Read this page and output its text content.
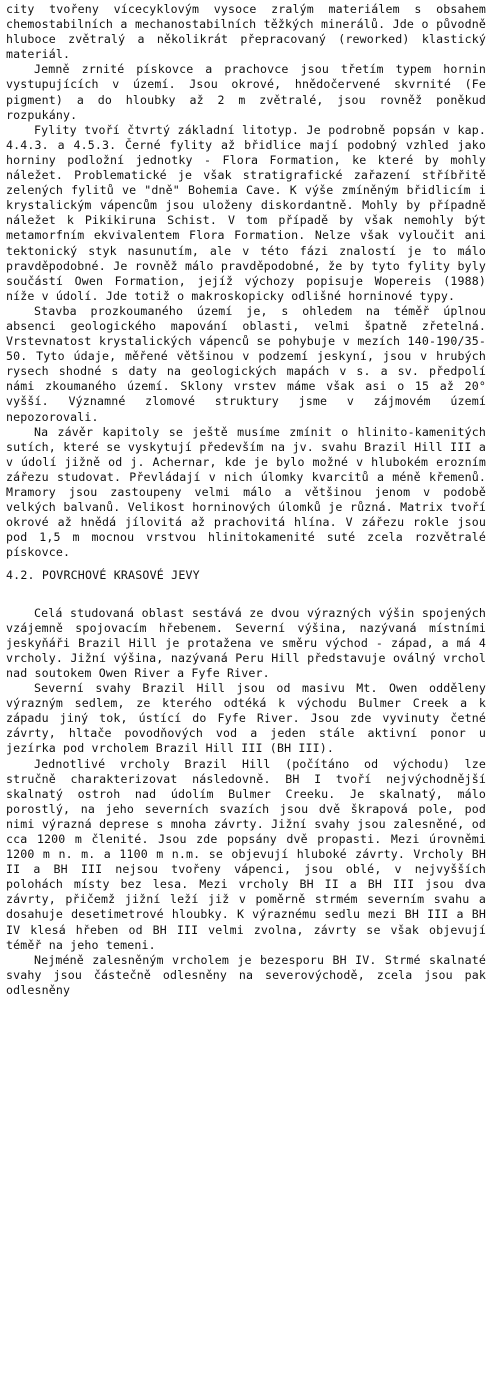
city tvořeny vícecyklovým vysoce zralým materiálem s obsahem chemostabilních a mechanostabilních těžkých minerálů. Jde o původně hluboce zvětralý a několikrát přepracovaný (reworked) klastický materiál.

Jemně zrnité pískovce a prachovce jsou třetím typem hornin vystupujících v území. Jsou okrové, hnědočervené skvrnité (Fe pigment) a do hloubky až 2 m zvětralé, jsou rovněž poněkud rozpukány.

Fylity tvoří čtvrtý základní litotyp. Je podrobně popsán v kap. 4.4.3. a 4.5.3. Černé fylity až břidlice mají podobný vzhled jako horniny podložní jednotky - Flora Formation, ke které by mohly náležet. Problematické je však stratigrafické zařazení stříbřitě zelených fylitů ve "dně" Bohemia Cave. K výše zmíněným břidlicím i krystalickým vápencům jsou uloženy diskordantně. Mohly by případně náležet k Pikikiruna Schist. V tom případě by však nemohly být metamorfním ekvivalentem Flora Formation. Nelze však vyloučit ani tektonický styk nasunutím, ale v této fázi znalostí je to málo pravděpodobné. Je rovněž málo pravděpodobné, že by tyto fylity byly součástí Owen Formation, jejíž výchozy popisuje Wopereis (1988) níže v údolí. Jde totiž o makroskopicky odlišné horninové typy.

Stavba prozkoumaného území je, s ohledem na téměř úplnou absenci geologického mapování oblasti, velmi špatně zřetelná. Vrstevnatost krystalických vápenců se pohybuje v mezích 140-190/35-50. Tyto údaje, měřené většinou v podzemí jeskyní, jsou v hrubých rysech shodné s daty na geologických mapách v s. a sv. předpolí námi zkoumaného území. Sklony vrstev máme však asi o 15 až 20° vyšší. Významné zlomové struktury jsme v zájmovém území nepozorovali.

Na závěr kapitoly se ještě musíme zmínit o hlinito-kamenitých sutích, které se vyskytují především na jv. svahu Brazil Hill III a v údolí jižně od j. Achernar, kde je bylo možné v hlubokém erozním zářezu studovat. Převládají v nich úlomky kvarcitů a méně křemenů. Mramory jsou zastoupeny velmi málo a většinou jenom v podobě velkých balvanů. Velikost horninových úlomků je různá. Matrix tvoří okrové až hnědá jílovitá až prachovitá hlína. V zářezu rokle jsou pod 1,5 m mocnou vrstvou hlinitokamenité suté zcela rozvětralé pískovce.

4.2. POVRCHOVÉ KRASOVÉ JEVY

Celá studovaná oblast sestává ze dvou výrazných výšin spojených vzájemně spojovacím hřebenem. Severní výšina, nazývaná místními jeskyňáři Brazil Hill je protažena ve směru východ - západ, a má 4 vrcholy. Jižní výšina, nazývaná Peru Hill představuje oválný vrchol nad soutokem Owen River a Fyfe River.

Severní svahy Brazil Hill jsou od masivu Mt. Owen odděleny výrazným sedlem, ze kterého odtéká k východu Bulmer Creek a k západu jiný tok, ústící do Fyfe River. Jsou zde vyvinuty četné závrty, hltače povodňových vod a jeden stále aktivní ponor u jezírka pod vrcholem Brazil Hill III (BH III).

Jednotlivé vrcholy Brazil Hill (počítáno od východu) lze stručně charakterizovat následovně. BH I tvoří nejvýchodnější skalnatý ostroh nad údolím Bulmer Creeku. Je skalnatý, málo porostlý, na jeho severních svazích jsou dvě škrapová pole, pod nimi výrazná deprese s mnoha závrty. Jižní svahy jsou zalesněné, od cca 1200 m členité. Jsou zde popsány dvě propasti. Mezi úrovněmi 1200 m n. m. a 1100 m n.m. se objevují hluboké závrty. Vrcholy BH II a BH III nejsou tvořeny vápenci, jsou oblé, v nejvyšších polohách místy bez lesa. Mezi vrcholy BH II a BH III jsou dva závrty, přičemž jižní leží již v poměrně strmém severním svahu a dosahuje desetimetrové hloubky. K výraznému sedlu mezi BH III a BH IV klesá hřeben od BH III velmi zvolna, závrty se však objevují téměř na jeho temeni.

Nejméně zalesněným vrcholem je bezesporu BH IV. Strmé skalnaté svahy jsou částečně odlesněny na severovýchodě, zcela jsou pak odlesněny
